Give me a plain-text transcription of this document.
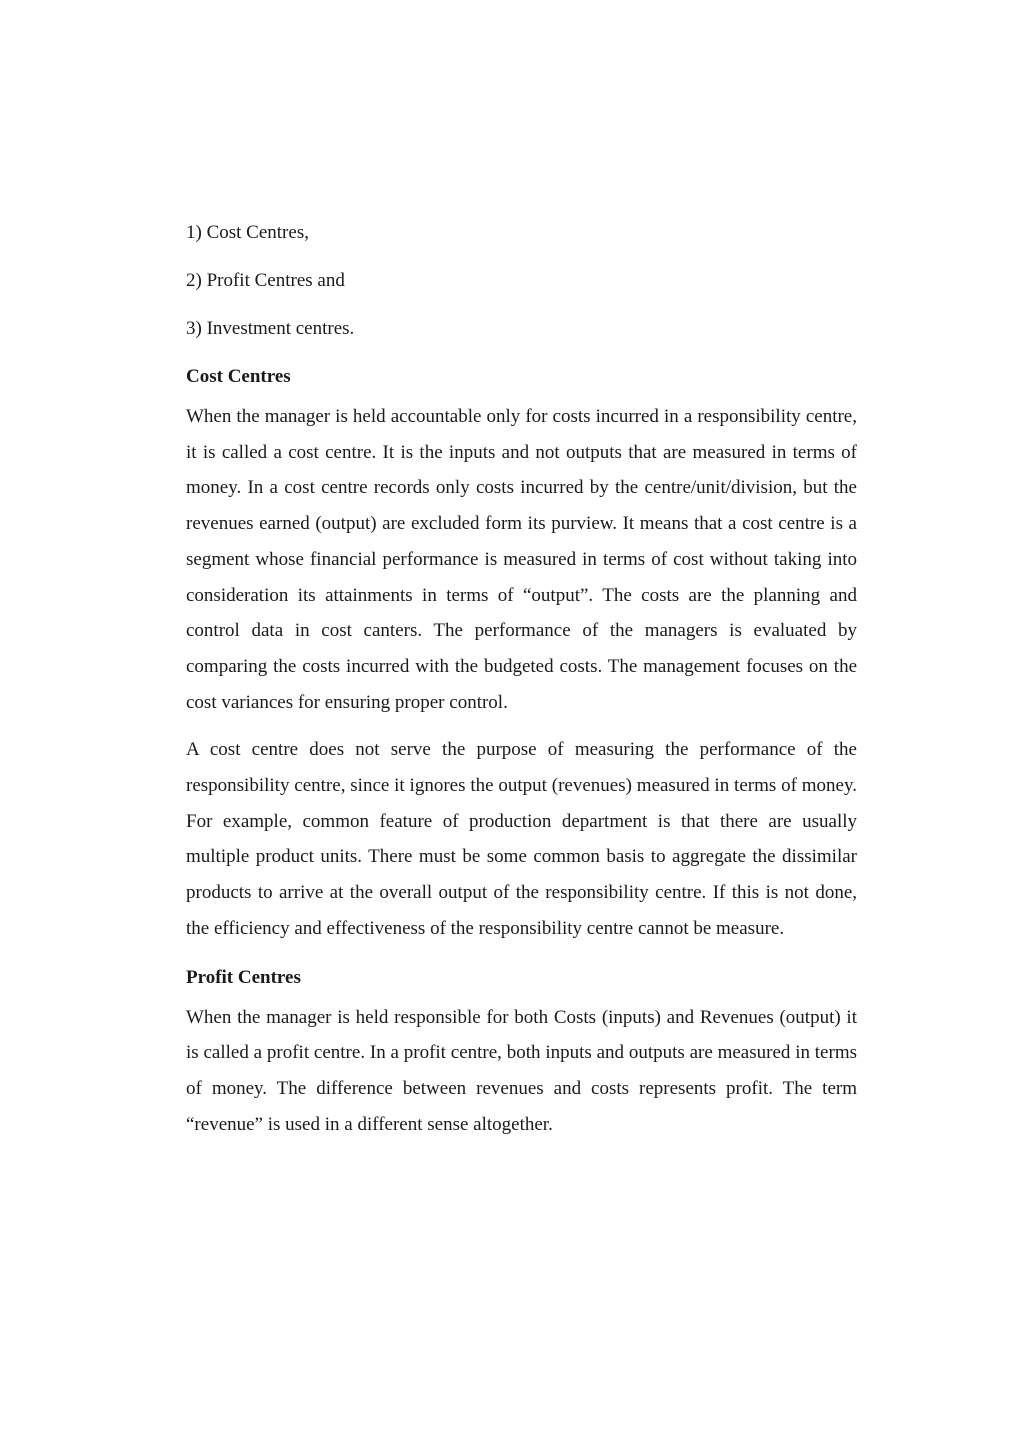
1) Cost Centres,
2) Profit Centres and
3) Investment centres.
Cost Centres

When the manager is held accountable only for costs incurred in a responsibility centre, it is called a cost centre. It is the inputs and not outputs that are measured in terms of money. In a cost centre records only costs incurred by the centre/unit/division, but the revenues earned (output) are excluded form its purview. It means that a cost centre is a segment whose financial performance is measured in terms of cost without taking into consideration its attainments in terms of “output”. The costs are the planning and control data in cost canters. The performance of the managers is evaluated by comparing the costs incurred with the budgeted costs. The management focuses on the cost variances for ensuring proper control.

A cost centre does not serve the purpose of measuring the performance of the responsibility centre, since it ignores the output (revenues) measured in terms of money. For example, common feature of production department is that there are usually multiple product units. There must be some common basis to aggregate the dissimilar products to arrive at the overall output of the responsibility centre. If this is not done, the efficiency and effectiveness of the responsibility centre cannot be measure.

Profit Centres

When the manager is held responsible for both Costs (inputs) and Revenues (output) it is called a profit centre. In a profit centre, both inputs and outputs are measured in terms of money. The difference between revenues and costs represents profit. The term “revenue” is used in a different sense altogether.
